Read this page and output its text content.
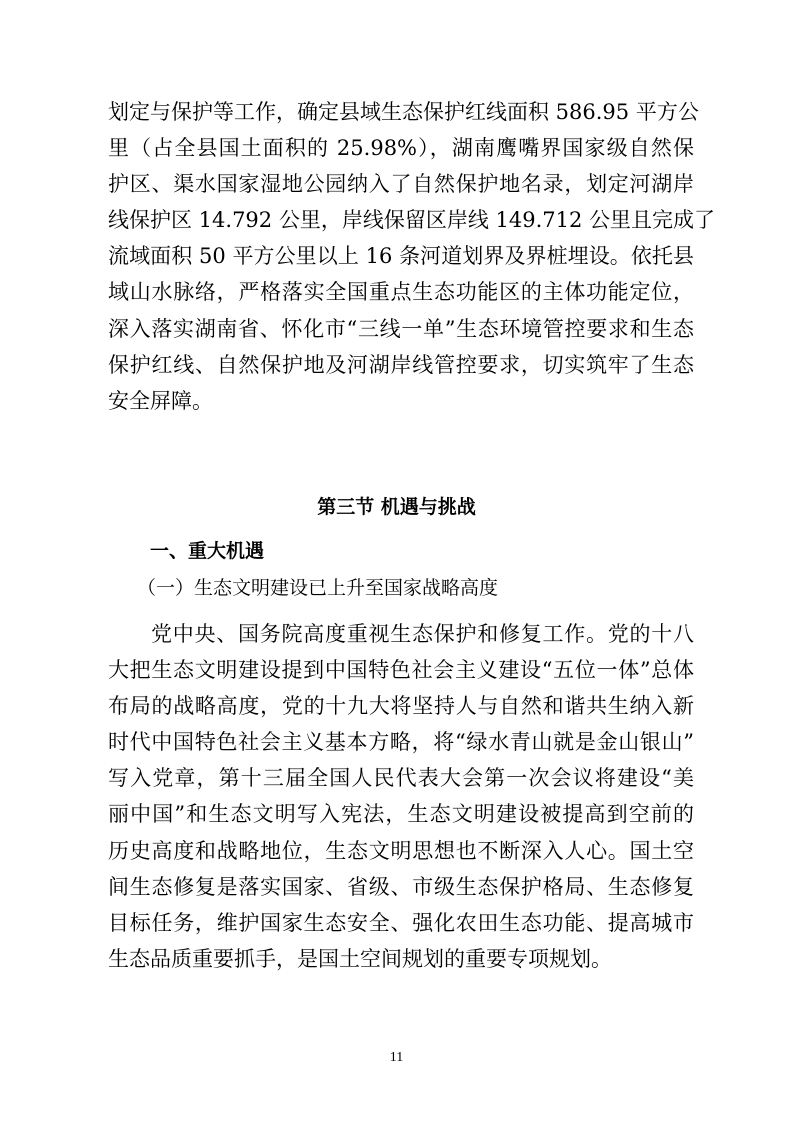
划定与保护等工作，确定县域生态保护红线面积 586.95 平方公
里（占全县国土面积的 25.98%），湖南鹰嘴界国家级自然保
护区、渠水国家湿地公园纳入了自然保护地名录，划定河湖岸
线保护区 14.792 公里，岸线保留区岸线 149.712 公里且完成了
流域面积 50 平方公里以上 16 条河道划界及界桩埋设。依托县
域山水脉络，严格落实全国重点生态功能区的主体功能定位，
深入落实湖南省、怀化市“三线一单”生态环境管控要求和生态
保护红线、自然保护地及河湖岸线管控要求，切实筑牢了生态
安全屏障。
第三节 机遇与挑战
一、重大机遇
（一）生态文明建设已上升至国家战略高度
党中央、国务院高度重视生态保护和修复工作。党的十八
大把生态文明建设提到中国特色社会主义建设“五位一体”总体
布局的战略高度，党的十九大将坚持人与自然和谐共生纳入新
时代中国特色社会主义基本方略，将“绿水青山就是金山银山”
写入党章，第十三届全国人民代表大会第一次会议将建设“美
丽中国”和生态文明写入宪法，生态文明建设被提高到空前的
历史高度和战略地位，生态文明思想也不断深入人心。国土空
间生态修复是落实国家、省级、市级生态保护格局、生态修复
目标任务，维护国家生态安全、强化农田生态功能、提高城市
生态品质重要抓手，是国土空间规划的重要专项规划。
11
